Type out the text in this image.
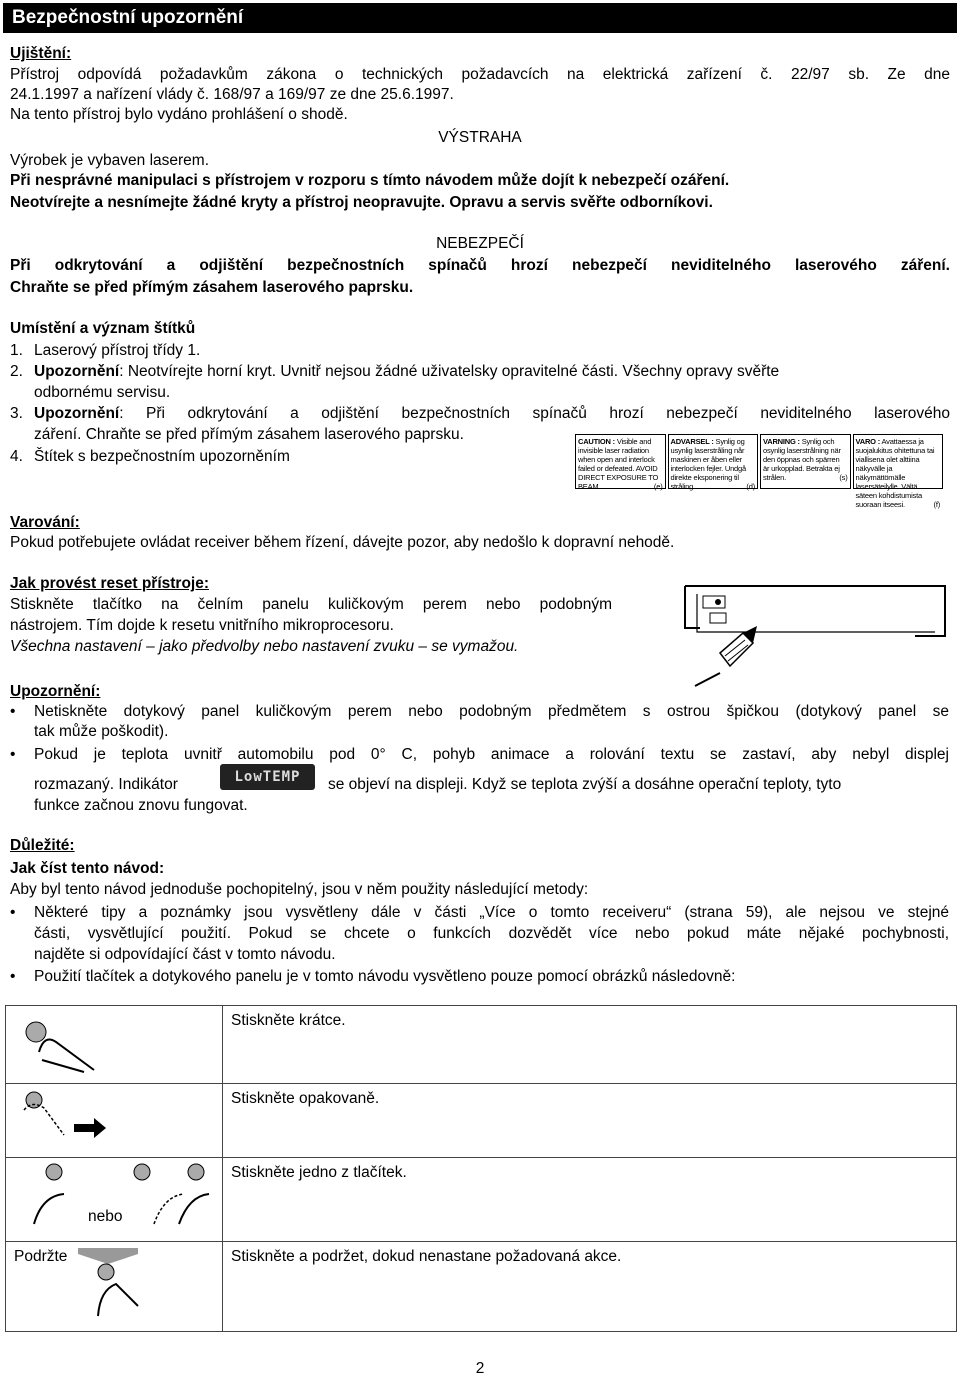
Bezpečnostní upozornění
Ujištění:
Přístroj odpovídá požadavkům zákona o technických požadavcích na elektrická zařízení č. 22/97 sb. Ze dne
24.1.1997 a nařízení vlády č. 168/97 a 169/97 ze dne 25.6.1997.
Na tento přístroj bylo vydáno prohlášení o shodě.
VÝSTRAHA
Výrobek je vybaven laserem.
Při nesprávné manipulaci s přístrojem v rozporu s tímto návodem může dojít k nebezpečí ozáření.
Neotvírejte a nesnímejte žádné kryty a přístroj neopravujte. Opravu a servis svěřte odborníkovi.
NEBEZPEČÍ
Při odkrytování a odjištění bezpečnostních spínačů hrozí nebezpečí neviditelného laserového záření.
Chraňte se před přímým zásahem laserového paprsku.
Umístění a význam štítků
1. Laserový přístroj třídy 1.
2. Upozornění: Neotvírejte horní kryt. Uvnitř nejsou žádné uživatelsky opravitelné části. Všechny opravy svěřte
odbornému servisu.
3. Upozornění: Při odkrytování a odjištění bezpečnostních spínačů hrozí nebezpečí neviditelného laserového
záření. Chraňte se před přímým zásahem laserového paprsku.
4. Štítek s bezpečnostním upozorněním
CAUTION : Visible and invisible laser radiation when open and interlock failed or defeated. AVOID DIRECT EXPOSURE TO BEAM.	(e)
ADVARSEL : Synlig og usynlig laserstråling når maskinen er åben eller interlocken fejler. Undgå direkte eksponering til stråling.	(d)
VARNING : Synlig och osynlig laserstrålning när den öppnas och spärren är urkopplad. Betrakta ej strålen.	(s)
VARO : Avattaessa ja suojalukitus ohitettuna tai viallisena olet alttiina näkyvälle ja näkymättömälle lasersäteilylle. Vältä säteen kohdistumista suoraan itseesi.	(f)
Varování:
Pokud potřebujete ovládat receiver během řízení, dávejte pozor, aby nedošlo k dopravní nehodě.
Jak provést reset přístroje:
Stiskněte tlačítko na čelním panelu kuličkovým perem nebo podobným
nástrojem. Tím dojde k resetu vnitřního mikroprocesoru.
Všechna nastavení – jako předvolby nebo nastavení zvuku – se vymažou.
Upozornění:
Netiskněte dotykový panel kuličkovým perem nebo podobným předmětem s ostrou špičkou (dotykový panel se
tak může poškodit).
Pokud je teplota uvnitř automobilu pod 0° C, pohyb animace a rolování textu se zastaví, aby nebyl displej
rozmazaný. Indikátor	LowTEMP	se objeví na displeji. Když se teplota zvýší a dosáhne operační teploty, tyto
funkce začnou znovu fungovat.
Důležité:
Jak číst tento návod:
Aby byl tento návod jednoduše pochopitelný, jsou v něm použity následující metody:
Některé tipy a poznámky jsou vysvětleny dále v části „Více o tomto receiveru“ (strana 59), ale nejsou ve stejné
části, vysvětlující použití. Pokud se chcete o funkcích dozvědět více nebo pokud máte nějaké pochybnosti,
najděte si odpovídající část v tomto návodu.
Použití tlačítek a dotykového panelu je v tomto návodu vysvětleno pouze pomocí obrázků následovně:
	Stiskněte krátce.
	Stiskněte opakovaně.

nebo	Stiskněte jedno z tlačítek.
Podržte	Stiskněte a podržet, dokud nenastane požadovaná akce.
2
